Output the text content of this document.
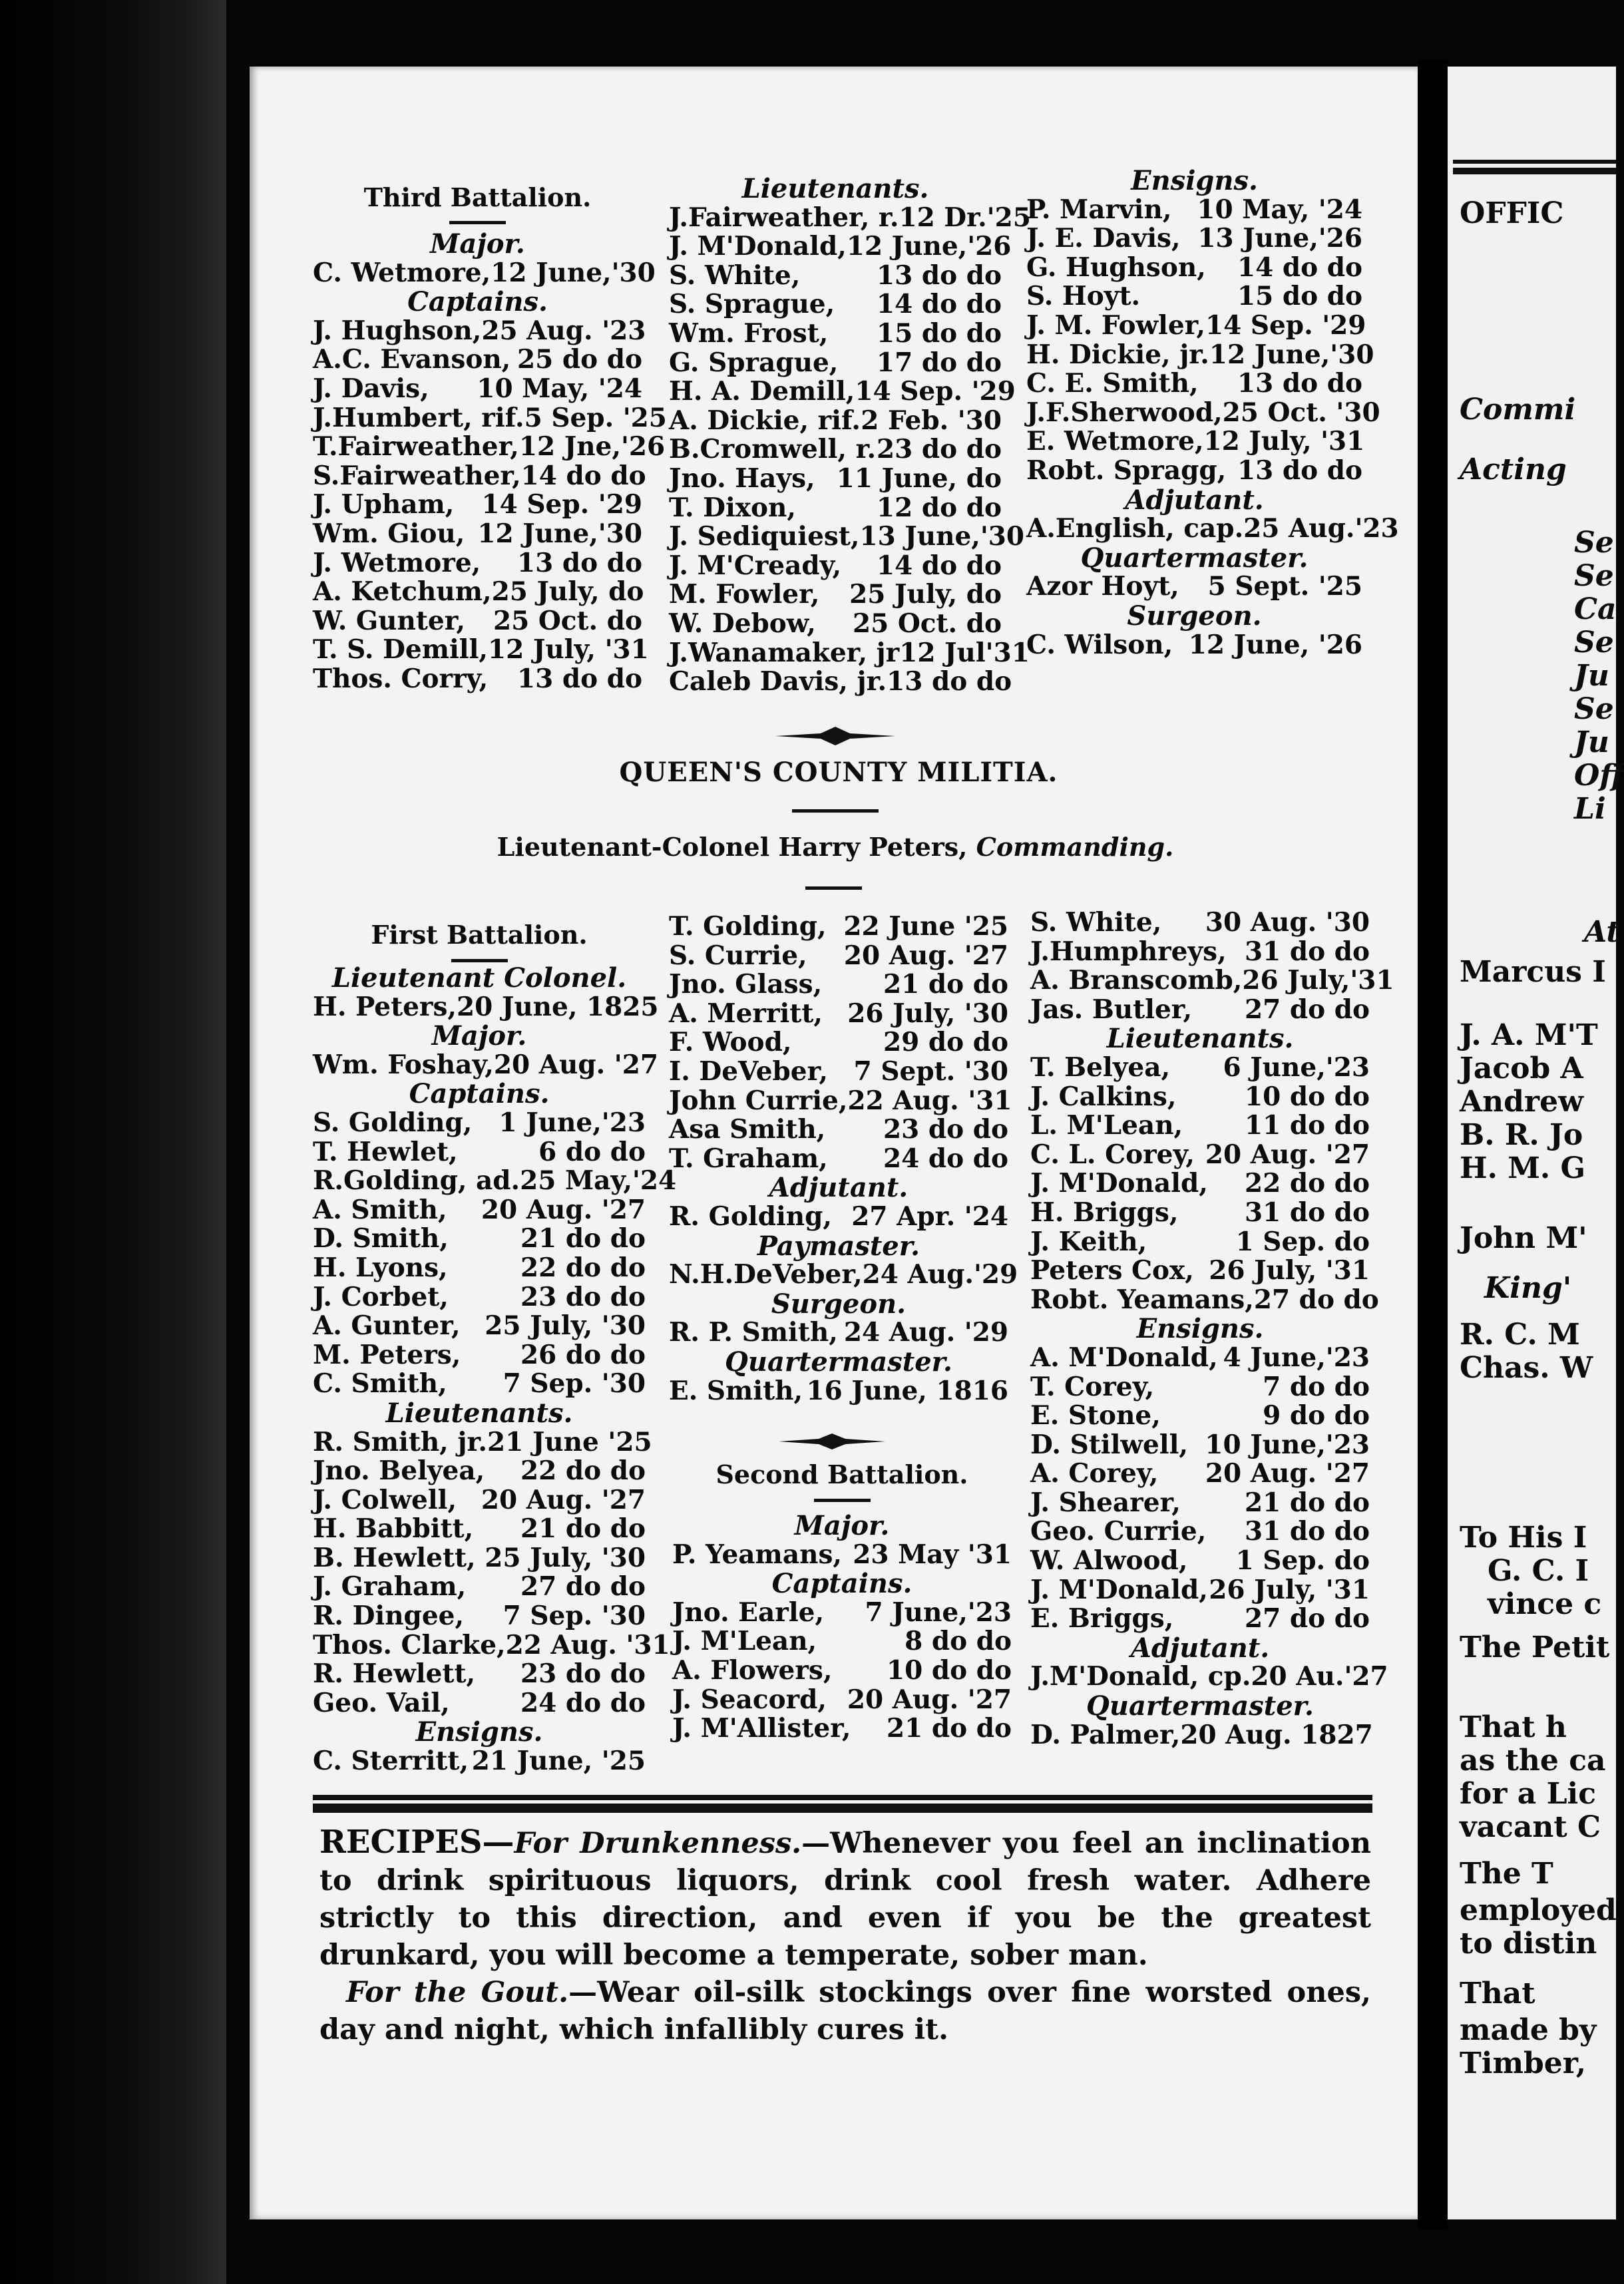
Third Battalion.
Major.
C. Wetmore, 12 June,'30
Captains.
J. Hughson, 25 Aug. '23
A.C. Evanson, 25 do do
J. Davis, 10 May, '24
J.Humbert, rif. 5 Sep. '25
T.Fairweather, 12 Jne,'26
S.Fairweather, 14 do do
J. Upham, 14 Sep. '29
Wm. Giou, 12 June,'30
J. Wetmore, 13 do do
A. Ketchum, 25 July, do
W. Gunter, 25 Oct. do
T. S. Demill, 12 July, '31
Thos. Corry, 13 do do
Lieutenants.
J.Fairweather, r. 12 Dr.'25
J. M'Donald, 12 June,'26
S. White,	13 do do
S. Sprague, 14 do do
Wm. Frost, 15 do do
G. Sprague, 17 do do
H. A. Demill, 14 Sep. '29
A. Dickie, rif. 2 Feb. '30
B.Cromwell, r. 23 do do
Jno. Hays, 11 June, do
T. Dixon,	12 do do
J. Sediquiest, 13 June,'30
J. M'Cready, 14 do do
M. Fowler, 25 July, do
W. Debow, 25 Oct. do
J.Wanamaker, jr 12 Jul'31
Caleb Davis, jr. 13 do do
Ensigns.
P. Marvin, 10 May, '24
J. E. Davis, 13 June,'26
G. Hughson, 14 do do
S. Hoyt.	15 do do
J. M. Fowler, 14 Sep. '29
H. Dickie, jr. 12 June,'30
C. E. Smith, 13 do do
J.F.Sherwood, 25 Oct. '30
E. Wetmore, 12 July, '31
Robt. Spragg, 13 do do
Adjutant.
A.English, cap. 25 Aug.'23
Quartermaster.
Azor Hoyt, 5 Sept. '25
Surgeon.
C. Wilson, 12 June, '26
QUEEN'S COUNTY MILITIA.
Lieutenant-Colonel Harry Peters, Commanding.
First Battalion.
Lieutenant Colonel.
H. Peters, 20 June, 1825
Major.
Wm. Foshay, 20 Aug. '27
Captains.
S. Golding, 1 June,'23
T. Hewlet,	6 do do
R.Golding, ad. 25 May,'24
A. Smith, 20 Aug. '27
D. Smith,	21 do do
H. Lyons,	22 do do
J. Corbet,	23 do do
A. Gunter, 25 July, '30
M. Peters, 26 do do
C. Smith, 7 Sep. '30
Lieutenants.
R. Smith, jr. 21 June '25
Jno. Belyea, 22 do do
J. Colwell, 20 Aug. '27
H. Babbitt, 21 do do
B. Hewlett, 25 July, '30
J. Graham, 27 do do
R. Dingee, 7 Sep. '30
Thos. Clarke, 22 Aug. '31
R. Hewlett, 23 do do
Geo. Vail,	24 do do
Ensigns.
C. Sterritt, 21 June, '25
T. Golding, 22 June '25
S. Currie, 20 Aug. '27
Jno. Glass, 21 do do
A. Merritt, 26 July, '30
F. Wood,	29 do do
I. DeVeber, 7 Sept. '30
John Currie, 22 Aug. '31
Asa Smith, 23 do do
T. Graham, 24 do do
Adjutant.
R. Golding, 27 Apr. '24
Paymaster.
N.H.DeVeber, 24 Aug.'29
Surgeon.
R. P. Smith, 24 Aug. '29
Quartermaster.
E. Smith, 16 June, 1816
Second Battalion.
Major.
P. Yeamans, 23 May '31
Captains.
Jno. Earle, 7 June,'23
J. M'Lean,	8 do do
A. Flowers, 10 do do
J. Seacord, 20 Aug. '27
J. M'Allister, 21 do do
S. White, 30 Aug. '30
J.Humphreys, 31 do do
A. Branscomb, 26 July,'31
Jas. Butler, 27 do do
Lieutenants.
T. Belyea, 6 June,'23
J. Calkins,	10 do do
L. M'Lean, 11 do do
C. L. Corey, 20 Aug. '27
J. M'Donald, 22 do do
H. Briggs,	31 do do
J. Keith,	1 Sep. do
Peters Cox, 26 July, '31
Robt. Yeamans, 27 do do
Ensigns.
A. M'Donald, 4 June,'23
T. Corey,	7 do do
E. Stone,	9 do do
D. Stilwell, 10 June,'23
A. Corey, 20 Aug. '27
J. Shearer, 21 do do
Geo. Currie, 31 do do
W. Alwood, 1 Sep. do
J. M'Donald, 26 July, '31
E. Briggs,	27 do do
Adjutant.
J.M'Donald, cp. 20 Au.'27
Quartermaster.
D. Palmer, 20 Aug. 1827
RECIPES—For Drunkenness.—Whenever you feel an inclination to drink spirituous liquors, drink cool fresh water. Adhere strictly to this direction, and even if you be the greatest drunkard, you will become a temperate, sober man.
For the Gout.—Wear oil-silk stockings over fine worsted ones, day and night, which infallibly cures it.
OFFIC
Commi
Acting
Se
Se
Ca
Se
Ju
Se
Ju
Off
Li
At
Marcus I
J. A. M'T
Jacob A
Andrew
B. R. Jo
H. M. G
John M'
King'
R. C. M
Chas. W
To His I
G. C. I
vince c
The Petit
That h
as the ca
for a Lic
vacant C
The T
employed
to distin
That
made by
Timber,
